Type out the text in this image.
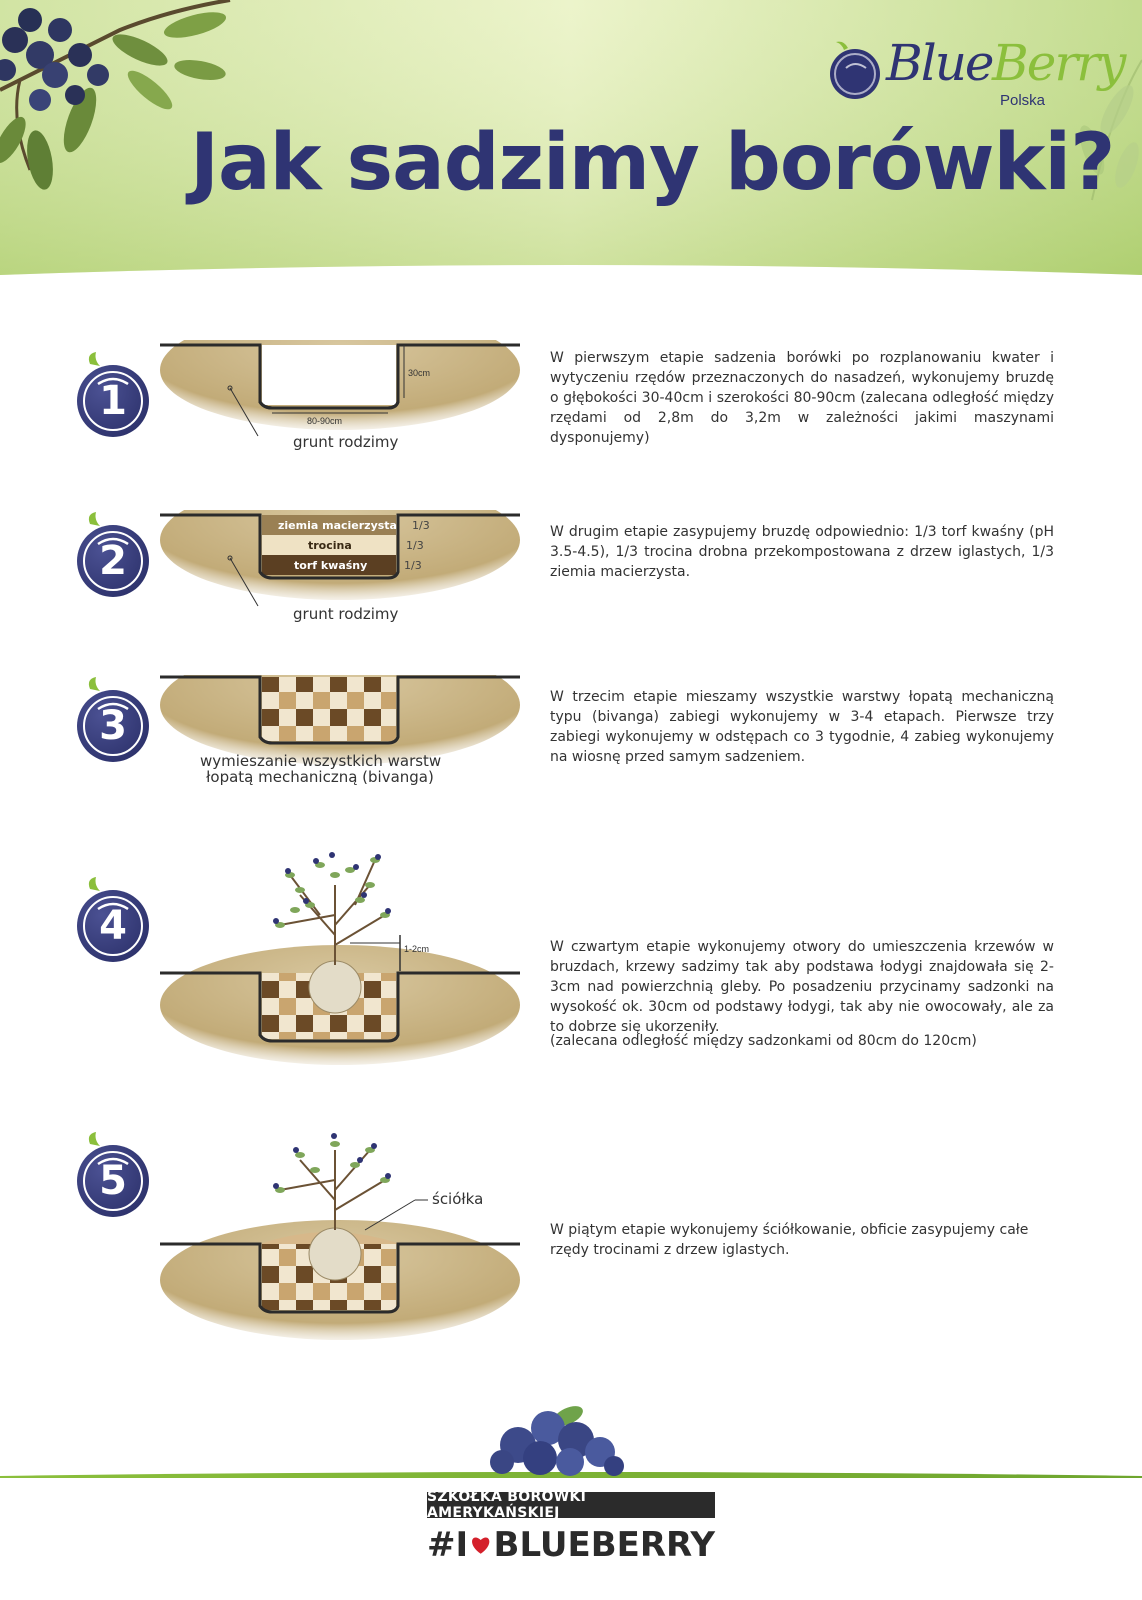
Blue Berry
Polska
Jak sadzimy borówki?
1
30cm
80-90cm
grunt rodzimy

W pierwszym etapie sadzenia borówki po rozplanowaniu kwater i wytyczeniu rzędów przeznaczonych do nasadzeń, wykonujemy bruzdę o głębokości 30-40cm i szerokości 80-90cm (zalecana odległość między rzędami od 2,8m do 3,2m w zależności jakimi maszynami dysponujemy)

2
ziemia macierzysta
trocina
torf kwaśny
1/3
1/3
1/3
grunt rodzimy

W drugim etapie zasypujemy bruzdę odpowiednio: 1/3 torf kwaśny (pH 3.5-4.5), 1/3 trocina drobna przekompostowana z drzew iglastych, 1/3 ziemia macierzysta.

3
wymieszanie wszystkich warstw
łopatą mechaniczną (bivanga)

W trzecim etapie mieszamy wszystkie warstwy łopatą mechaniczną typu (bivanga) zabiegi wykonujemy w 3-4 etapach. Pierwsze trzy zabiegi wykonujemy w odstępach co 3 tygodnie, 4 zabieg wykonujemy na wiosnę przed samym sadzeniem.

4	1-2cm	W czwartym etapie wykonujemy otwory do umieszczenia krzewów w bruzdach, krzewy sadzimy tak aby podstawa łodygi znajdowała się 2-3cm nad powierzchnią gleby. Po posadzeniu przycinamy sadzonki na wysokość ok. 30cm od podstawy łodygi, tak aby nie owocowały, ale za to dobrze się ukorzeniły.

(zalecana odległość między sadzonkami od 80cm do 120cm)

5	ściółka

W piątym etapie wykonujemy ściółkowanie, obficie zasypujemy całe rzędy trocinami z drzew iglastych.

SZKÓŁKA BORÓWKI AMERYKAŃSKIEJ
#I BLUEBERRY
